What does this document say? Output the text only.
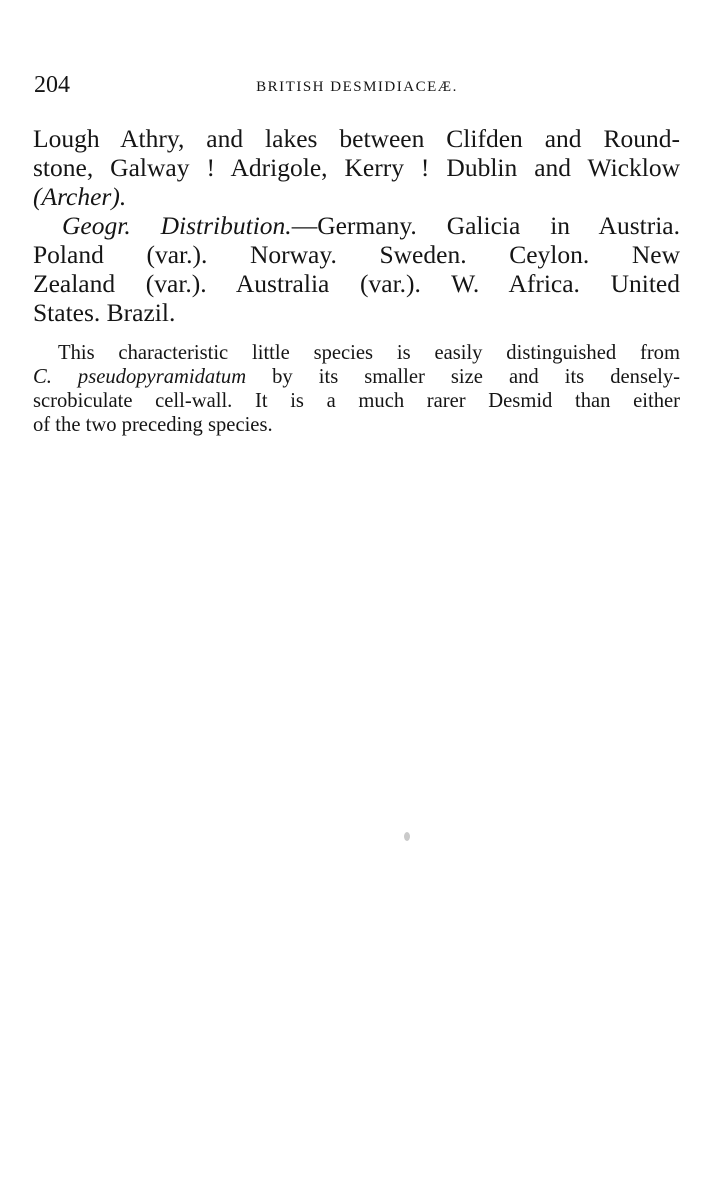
204	BRITISH DESMIDIACEÆ.
Lough Athry, and lakes between Clifden and Round-
stone, Galway ! Adrigole, Kerry ! Dublin and Wicklow
(Archer).
Geogr. Distribution.—Germany. Galicia in Austria.
Poland (var.). Norway. Sweden. Ceylon. New
Zealand (var.). Australia (var.). W. Africa. United
States. Brazil.
This characteristic little species is easily distinguished from
C. pseudopyramidatum by its smaller size and its densely-
scrobiculate cell-wall. It is a much rarer Desmid than either
of the two preceding species.
